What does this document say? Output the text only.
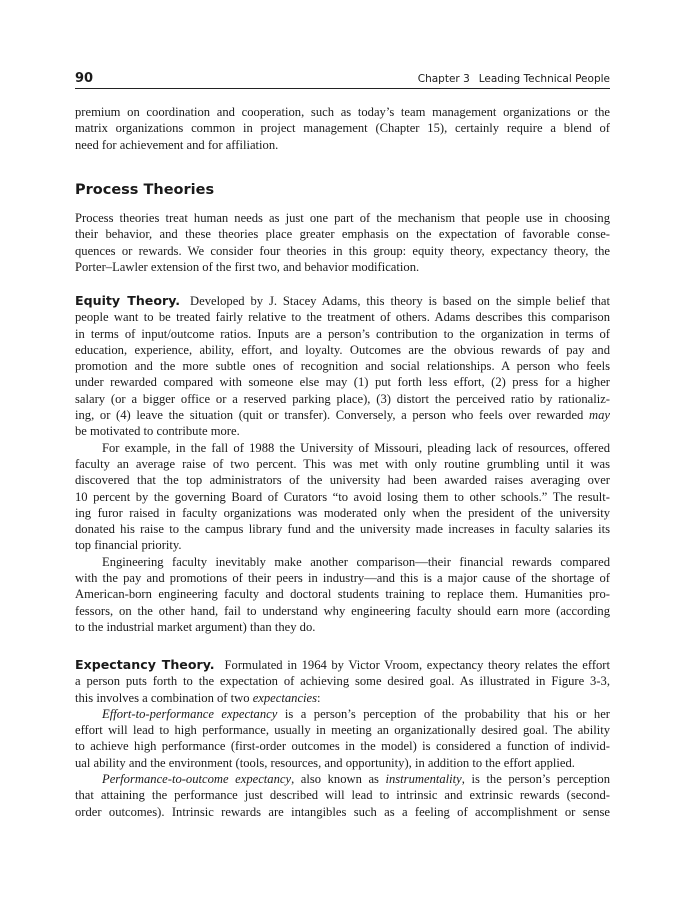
90	Chapter 3 Leading Technical People
premium on coordination and cooperation, such as today’s team management organizations or the
matrix organizations common in project management (Chapter 15), certainly require a blend of
need for achievement and for affiliation.
Process Theories
Process theories treat human needs as just one part of the mechanism that people use in choosing
their behavior, and these theories place greater emphasis on the expectation of favorable conse-
quences or rewards. We consider four theories in this group: equity theory, expectancy theory, the
Porter–Lawler extension of the first two, and behavior modification.
Equity Theory. Developed by J. Stacey Adams, this theory is based on the simple belief that
people want to be treated fairly relative to the treatment of others. Adams describes this comparison
in terms of input/outcome ratios. Inputs are a person’s contribution to the organization in terms of
education, experience, ability, effort, and loyalty. Outcomes are the obvious rewards of pay and
promotion and the more subtle ones of recognition and social relationships. A person who feels
under rewarded compared with someone else may (1) put forth less effort, (2) press for a higher
salary (or a bigger office or a reserved parking place), (3) distort the perceived ratio by rationaliz-
ing, or (4) leave the situation (quit or transfer). Conversely, a person who feels over rewarded may
be motivated to contribute more.
For example, in the fall of 1988 the University of Missouri, pleading lack of resources, offered
faculty an average raise of two percent. This was met with only routine grumbling until it was
discovered that the top administrators of the university had been awarded raises averaging over
10 percent by the governing Board of Curators “to avoid losing them to other schools.” The result-
ing furor raised in faculty organizations was moderated only when the president of the university
donated his raise to the campus library fund and the university made increases in faculty salaries its
top financial priority.
Engineering faculty inevitably make another comparison—their financial rewards compared
with the pay and promotions of their peers in industry—and this is a major cause of the shortage of
American-born engineering faculty and doctoral students training to replace them. Humanities pro-
fessors, on the other hand, fail to understand why engineering faculty should earn more (according
to the industrial market argument) than they do.
Expectancy Theory. Formulated in 1964 by Victor Vroom, expectancy theory relates the effort
a person puts forth to the expectation of achieving some desired goal. As illustrated in Figure 3-3,
this involves a combination of two expectancies:
Effort-to-performance expectancy is a person’s perception of the probability that his or her
effort will lead to high performance, usually in meeting an organizationally desired goal. The ability
to achieve high performance (first-order outcomes in the model) is considered a function of individ-
ual ability and the environment (tools, resources, and opportunity), in addition to the effort applied.
Performance-to-outcome expectancy, also known as instrumentality, is the person’s perception
that attaining the performance just described will lead to intrinsic and extrinsic rewards (second-
order outcomes). Intrinsic rewards are intangibles such as a feeling of accomplishment or sense
